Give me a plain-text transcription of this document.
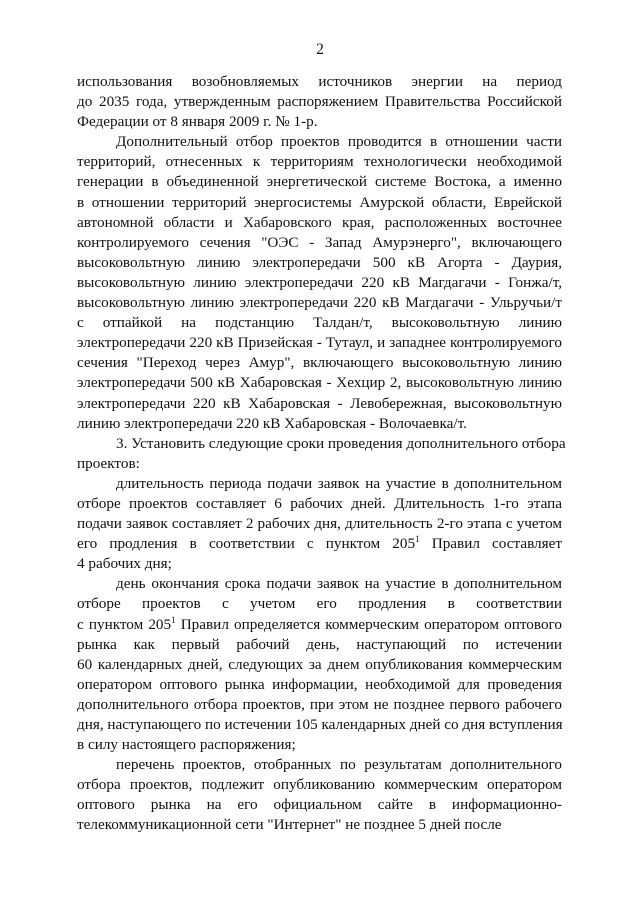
2
использования возобновляемых источников энергии на период
до 2035 года, утвержденным распоряжением Правительства Российской
Федерации от 8 января 2009 г. № 1-р.
Дополнительный отбор проектов проводится в отношении части
территорий, отнесенных к территориям технологически необходимой
генерации в объединенной энергетической системе Востока, а именно
в отношении территорий энергосистемы Амурской области, Еврейской
автономной области и Хабаровского края, расположенных восточнее
контролируемого сечения "ОЭС - Запад Амурэнерго", включающего
высоковольтную линию электропередачи 500 кВ Агорта - Даурия,
высоковольтную линию электропередачи 220 кВ Магдагачи - Гонжа/т,
высоковольтную линию электропередачи 220 кВ Магдагачи - Ульручьи/т
с отпайкой на подстанцию Талдан/т, высоковольтную линию
электропередачи 220 кВ Призейская - Тутаул, и западнее контролируемого
сечения "Переход через Амур", включающего высоковольтную линию
электропередачи 500 кВ Хабаровская - Хехцир 2, высоковольтную линию
электропередачи 220 кВ Хабаровская - Левобережная, высоковольтную
линию электропередачи 220 кВ Хабаровская - Волочаевка/т.
3. Установить следующие сроки проведения дополнительного отбора
проектов:
длительность периода подачи заявок на участие в дополнительном
отборе проектов составляет 6 рабочих дней. Длительность 1-го этапа
подачи заявок составляет 2 рабочих дня, длительность 2-го этапа с учетом
его продления в соответствии с пунктом $205^1$ Правил составляет
4 рабочих дня;
день окончания срока подачи заявок на участие в дополнительном
отборе проектов с учетом его продления в соответствии
с пунктом $205^1$ Правил определяется коммерческим оператором оптового
рынка как первый рабочий день, наступающий по истечении
60 календарных дней, следующих за днем опубликования коммерческим
оператором оптового рынка информации, необходимой для проведения
дополнительного отбора проектов, при этом не позднее первого рабочего
дня, наступающего по истечении 105 календарных дней со дня вступления
в силу настоящего распоряжения;
перечень проектов, отобранных по результатам дополнительного
отбора проектов, подлежит опубликованию коммерческим оператором
оптового рынка на его официальном сайте в информационно-
телекоммуникационной сети "Интернет" не позднее 5 дней после
